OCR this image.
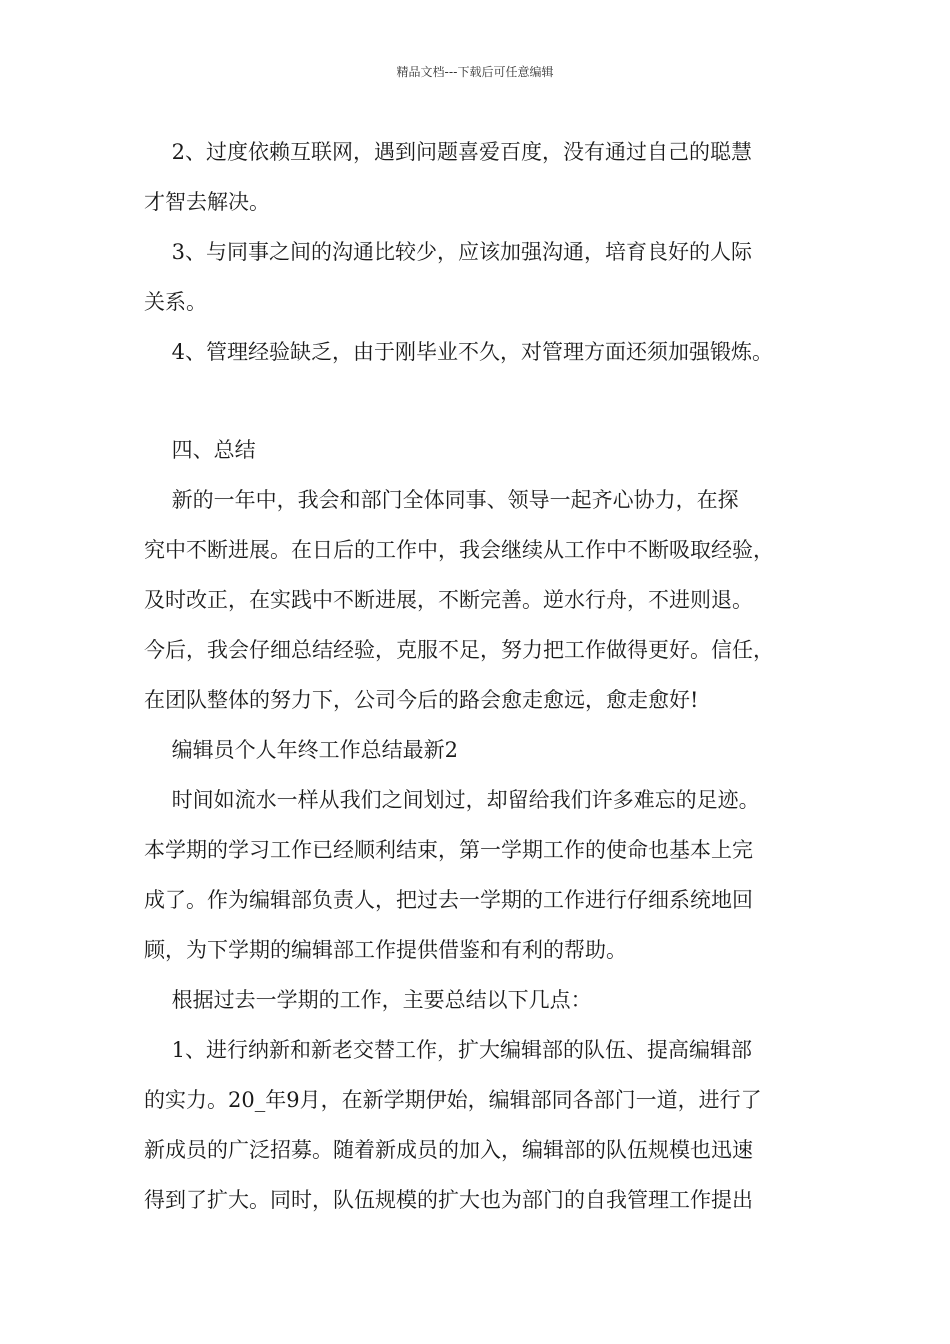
精品文档---下载后可任意编辑
　 2、过度依赖互联网，遇到问题喜爱百度，没有通过自己的聪慧
才智去解决。
　 3、与同事之间的沟通比较少，应该加强沟通，培育良好的人际
关系。
　 4、管理经验缺乏，由于刚毕业不久，对管理方面还须加强锻炼。
　 四、总结
　 新的一年中，我会和部门全体同事、领导一起齐心协力，在探
究中不断进展。在日后的工作中，我会继续从工作中不断吸取经验，
及时改正，在实践中不断进展，不断完善。逆水行舟，不进则退。
今后，我会仔细总结经验，克服不足，努力把工作做得更好。信任，
在团队整体的努力下，公司今后的路会愈走愈远，愈走愈好!
　 编辑员个人年终工作总结最新2
　 时间如流水一样从我们之间划过，却留给我们许多难忘的足迹。
本学期的学习工作已经顺利结束，第一学期工作的使命也基本上完
成了。作为编辑部负责人，把过去一学期的工作进行仔细系统地回
顾，为下学期的编辑部工作提供借鉴和有利的帮助。
　 根据过去一学期的工作，主要总结以下几点：
　 1、进行纳新和新老交替工作，扩大编辑部的队伍、提高编辑部
的实力。20_年9月，在新学期伊始，编辑部同各部门一道，进行了
新成员的广泛招募。随着新成员的加入，编辑部的队伍规模也迅速
得到了扩大。同时，队伍规模的扩大也为部门的自我管理工作提出
